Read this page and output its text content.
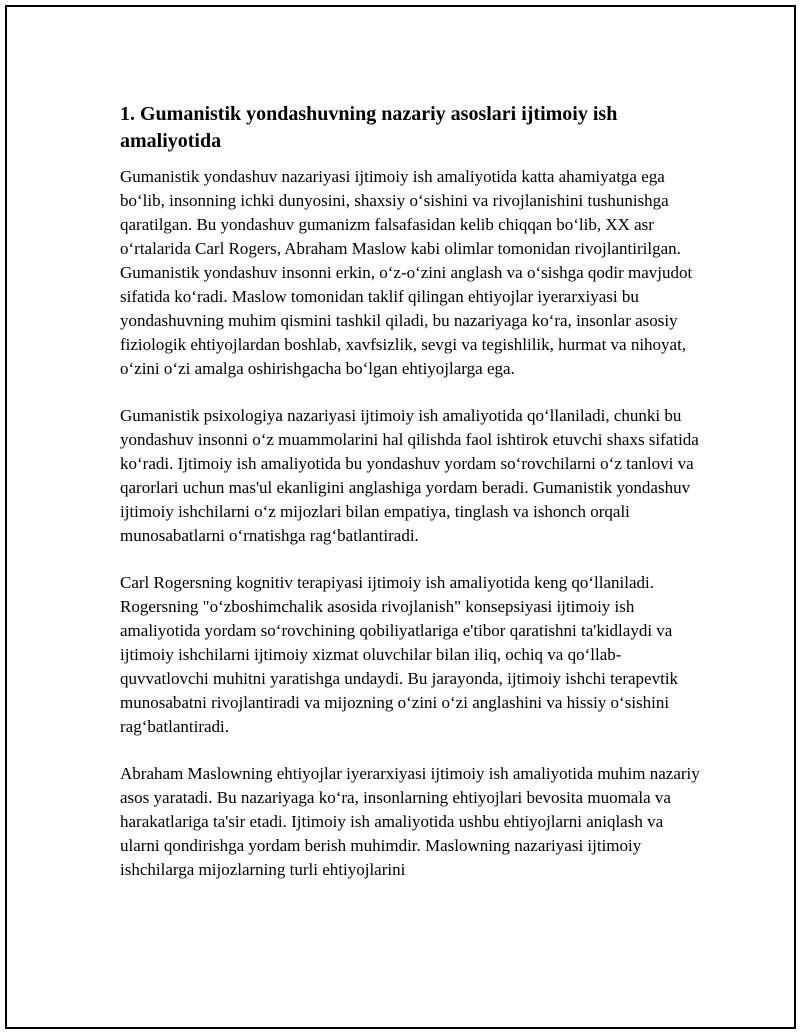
1. Gumanistik yondashuvning nazariy asoslari ijtimoiy ish amaliyotida

Gumanistik yondashuv nazariyasi ijtimoiy ish amaliyotida katta ahamiyatga ega bo‘lib, insonning ichki dunyosini, shaxsiy o‘sishini va rivojlanishini tushunishga qaratilgan. Bu yondashuv gumanizm falsafasidan kelib chiqqan bo‘lib, XX asr o‘rtalarida Carl Rogers, Abraham Maslow kabi olimlar tomonidan rivojlantirilgan. Gumanistik yondashuv insonni erkin, o‘z-o‘zini anglash va o‘sishga qodir mavjudot sifatida ko‘radi. Maslow tomonidan taklif qilingan ehtiyojlar iyerarxiyasi bu yondashuvning muhim qismini tashkil qiladi, bu nazariyaga ko‘ra, insonlar asosiy fiziologik ehtiyojlardan boshlab, xavfsizlik, sevgi va tegishlilik, hurmat va nihoyat, o‘zini o‘zi amalga oshirishgacha bo‘lgan ehtiyojlarga ega.

Gumanistik psixologiya nazariyasi ijtimoiy ish amaliyotida qo‘llaniladi, chunki bu yondashuv insonni o‘z muammolarini hal qilishda faol ishtirok etuvchi shaxs sifatida ko‘radi. Ijtimoiy ish amaliyotida bu yondashuv yordam so‘rovchilarni o‘z tanlovi va qarorlari uchun mas'ul ekanligini anglashiga yordam beradi. Gumanistik yondashuv ijtimoiy ishchilarni o‘z mijozlari bilan empatiya, tinglash va ishonch orqali munosabatlarni o‘rnatishga rag‘batlantiradi.

Carl Rogersning kognitiv terapiyasi ijtimoiy ish amaliyotida keng qo‘llaniladi. Rogersning "o‘zboshimchalik asosida rivojlanish" konsepsiyasi ijtimoiy ish amaliyotida yordam so‘rovchining qobiliyatlariga e'tibor qaratishni ta'kidlaydi va ijtimoiy ishchilarni ijtimoiy xizmat oluvchilar bilan iliq, ochiq va qo‘llab-quvvatlovchi muhitni yaratishga undaydi. Bu jarayonda, ijtimoiy ishchi terapevtik munosabatni rivojlantiradi va mijozning o‘zini o‘zi anglashini va hissiy o‘sishini rag‘batlantiradi.

Abraham Maslowning ehtiyojlar iyerarxiyasi ijtimoiy ish amaliyotida muhim nazariy asos yaratadi. Bu nazariyaga ko‘ra, insonlarning ehtiyojlari bevosita muomala va harakatlariga ta'sir etadi. Ijtimoiy ish amaliyotida ushbu ehtiyojlarni aniqlash va ularni qondirishga yordam berish muhimdir. Maslowning nazariyasi ijtimoiy ishchilarga mijozlarning turli ehtiyojlarini
